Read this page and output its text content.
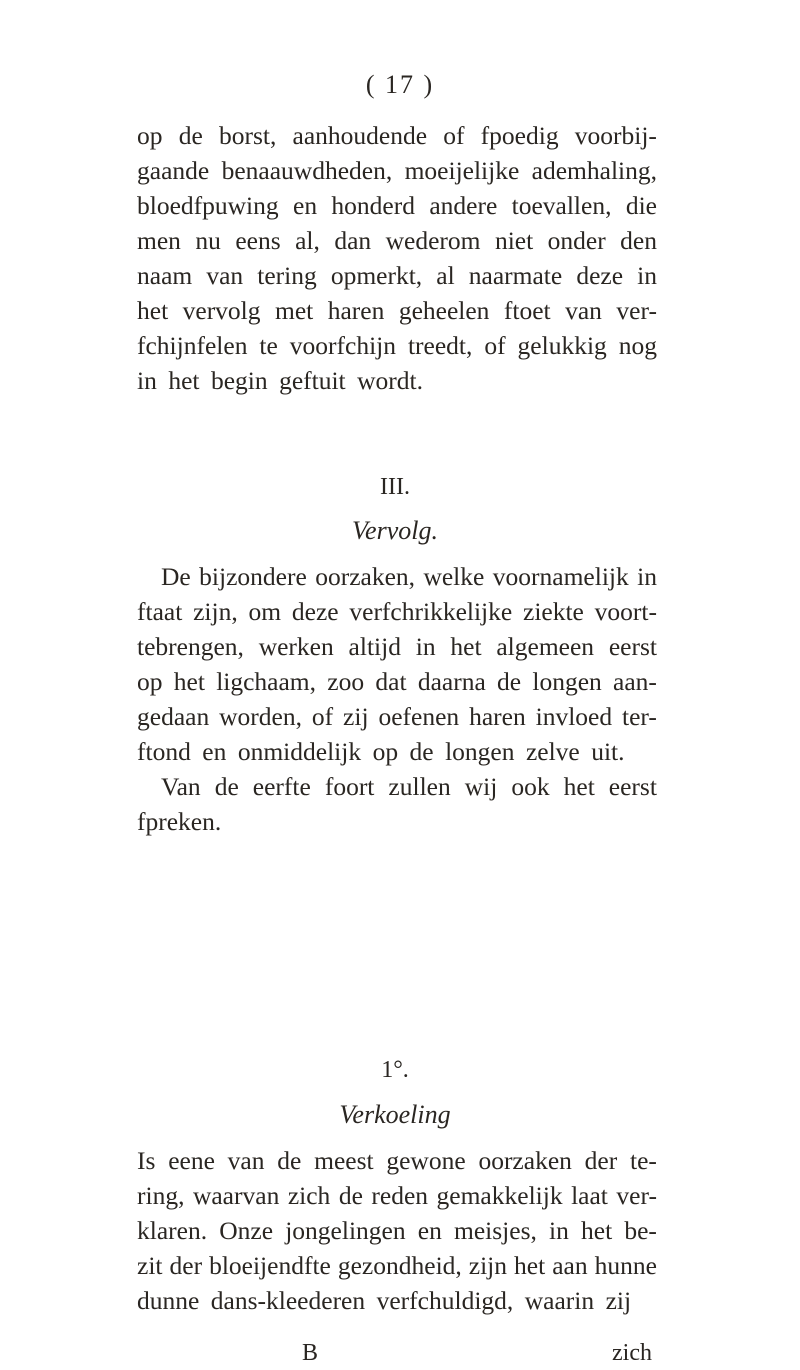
( 17 )
op de borst, aanhoudende of fpoedig voorbij-
gaande benaauwdheden, moeijelijke ademhaling,
bloedfpuwing en honderd andere toevallen, die
men nu eens al, dan wederom niet onder den
naam van tering opmerkt, al naarmate deze in
het vervolg met haren geheelen ftoet van ver-
fchijnfelen te voorfchijn treedt, of gelukkig nog
in het begin geftuit wordt.
III.
Vervolg.
De bijzondere oorzaken, welke voornamelijk in
ftaat zijn, om deze verfchrikkelijke ziekte voort-
tebrengen, werken altijd in het algemeen eerst
op het ligchaam, zoo dat daarna de longen aan-
gedaan worden, of zij oefenen haren invloed ter-
ftond en onmiddelijk op de longen zelve uit.
Van de eerfte foort zullen wij ook het eerst
fpreken.
1°.
Verkoeling
Is eene van de meest gewone oorzaken der te-
ring, waarvan zich de reden gemakkelijk laat ver-
klaren. Onze jongelingen en meisjes, in het be-
zit der bloeijendfte gezondheid, zijn het aan hunne
dunne dans-kleederen verfchuldigd, waarin zij
B	zich
